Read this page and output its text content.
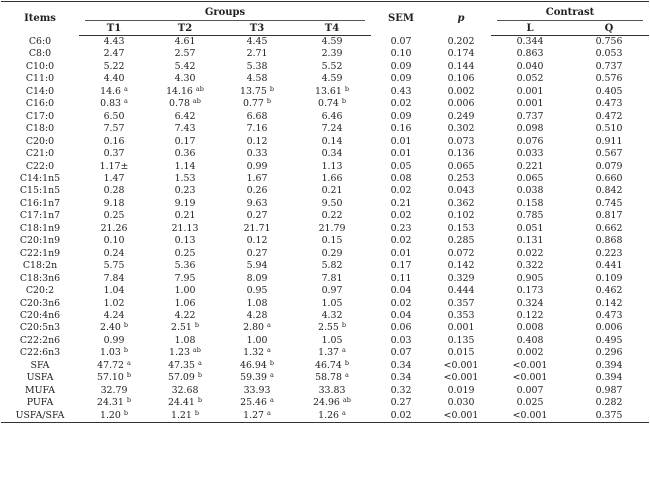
Items	Groups				SEM	p	Contrast	
	T1	T2	T3	T4			L	Q
C6:0	4.43	4.61	4.45	4.59	0.07	0.202	0.344	0.756
C8:0	2.47	2.57	2.71	2.39	0.10	0.174	0.863	0.053
C10:0	5.22	5.42	5.38	5.52	0.09	0.144	0.040	0.737
C11:0	4.40	4.30	4.58	4.59	0.09	0.106	0.052	0.576
C14:0	14.6 $^a$	14.16 $^{ab}$	13.75 $^b$	13.61 $^b$	0.43	0.002	0.001	0.405
C16:0	0.83 $^a$	0.78 $^{ab}$	0.77 $^b$	0.74 $^b$	0.02	0.006	0.001	0.473
C17:0	6.50	6.42	6.68	6.46	0.09	0.249	0.737	0.472
C18:0	7.57	7.43	7.16	7.24	0.16	0.302	0.098	0.510
C20:0	0.16	0.17	0.12	0.14	0.01	0.073	0.076	0.911
C21:0	0.37	0.36	0.33	0.34	0.01	0.136	0.033	0.567
C22:0	1.17±	1.14	0.99	1.13	0.05	0.065	0.221	0.079
C14:1n5	1.47	1.53	1.67	1.66	0.08	0.253	0.065	0.660
C15:1n5	0.28	0.23	0.26	0.21	0.02	0.043	0.038	0.842
C16:1n7	9.18	9.19	9.63	9.50	0.21	0.362	0.158	0.745
C17:1n7	0.25	0.21	0.27	0.22	0.02	0.102	0.785	0.817
C18:1n9	21.26	21.13	21.71	21.79	0.23	0.153	0.051	0.662
C20:1n9	0.10	0.13	0.12	0.15	0.02	0.285	0.131	0.868
C22:1n9	0.24	0.25	0.27	0.29	0.01	0.072	0.022	0.223
C18:2n	5.75	5.36	5.94	5.82	0.17	0.142	0.322	0.441
C18:3n6	7.84	7.95	8.09	7.81	0.11	0.329	0.905	0.109
C20:2	1.04	1.00	0.95	0.97	0.04	0.444	0.173	0.462
C20:3n6	1.02	1.06	1.08	1.05	0.02	0.357	0.324	0.142
C20:4n6	4.24	4.22	4.28	4.32	0.04	0.353	0.122	0.473
C20:5n3	2.40 $^b$	2.51 $^b$	2.80 $^a$	2.55 $^b$	0.06	0.001	0.008	0.006
C22:2n6	0.99	1.08	1.00	1.05	0.03	0.135	0.408	0.495
C22:6n3	1.03 $^b$	1.23 $^{ab}$	1.32 $^a$	1.37 $^a$	0.07	0.015	0.002	0.296
SFA	47.72 $^a$	47.35 $^a$	46.94 $^b$	46.74 $^b$	0.34	<0.001	<0.001	0.394
USFA	57.10 $^b$	57.09 $^b$	59.39 $^a$	58.78 $^a$	0.34	<0.001	<0.001	0.394
MUFA	32.79	32.68	33.93	33.83	0.32	0.019	0.007	0.987
PUFA	24.31 $^b$	24.41 $^b$	25.46 $^a$	24.96 $^{ab}$	0.27	0.030	0.025	0.282
USFA/SFA	1.20 $^b$	1.21 $^b$	1.27 $^a$	1.26 $^a$	0.02	<0.001	<0.001	0.375
